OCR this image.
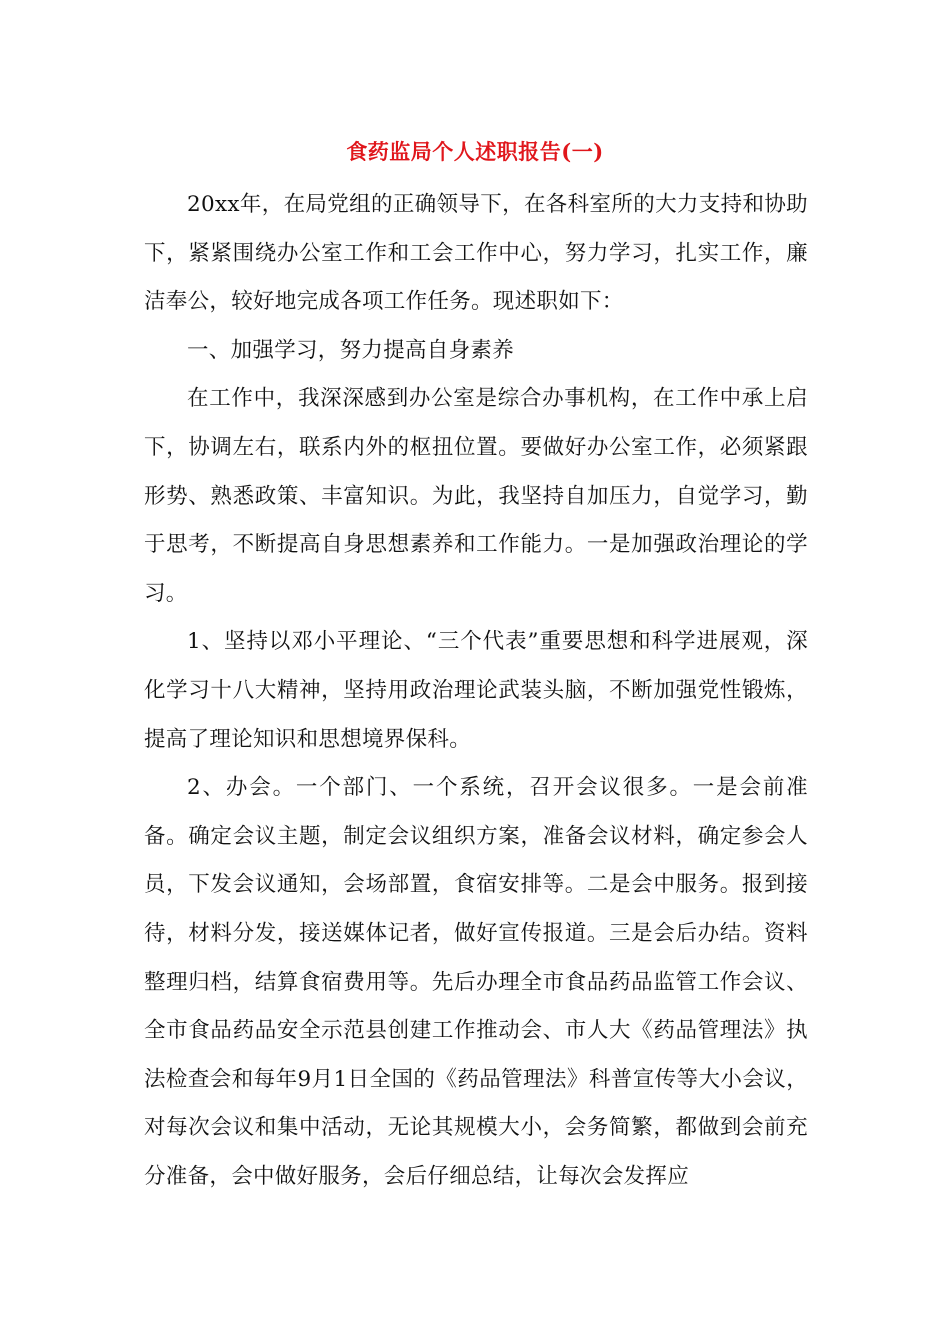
食药监局个人述职报告(一)

20xx年，在局党组的正确领导下，在各科室所的大力支持和协助下，紧紧围绕办公室工作和工会工作中心，努力学习，扎实工作，廉洁奉公，较好地完成各项工作任务。现述职如下：

一、加强学习，努力提高自身素养

在工作中，我深深感到办公室是综合办事机构，在工作中承上启下，协调左右，联系内外的枢扭位置。要做好办公室工作，必须紧跟形势、熟悉政策、丰富知识。为此，我坚持自加压力，自觉学习，勤于思考，不断提高自身思想素养和工作能力。一是加强政治理论的学习。

1、坚持以邓小平理论、“三个代表”重要思想和科学进展观，深化学习十八大精神，坚持用政治理论武装头脑，不断加强党性锻炼，提高了理论知识和思想境界保科。

2、办会。一个部门、一个系统，召开会议很多。一是会前准备。确定会议主题，制定会议组织方案，准备会议材料，确定参会人员，下发会议通知，会场部置，食宿安排等。二是会中服务。报到接待，材料分发，接送媒体记者，做好宣传报道。三是会后办结。资料整理归档，结算食宿费用等。先后办理全市食品药品监管工作会议、全市食品药品安全示范县创建工作推动会、市人大《药品管理法》执法检查会和每年9月1日全国的《药品管理法》科普宣传等大小会议，对每次会议和集中活动，无论其规模大小，会务简繁，都做到会前充分准备，会中做好服务，会后仔细总结，让每次会发挥应
